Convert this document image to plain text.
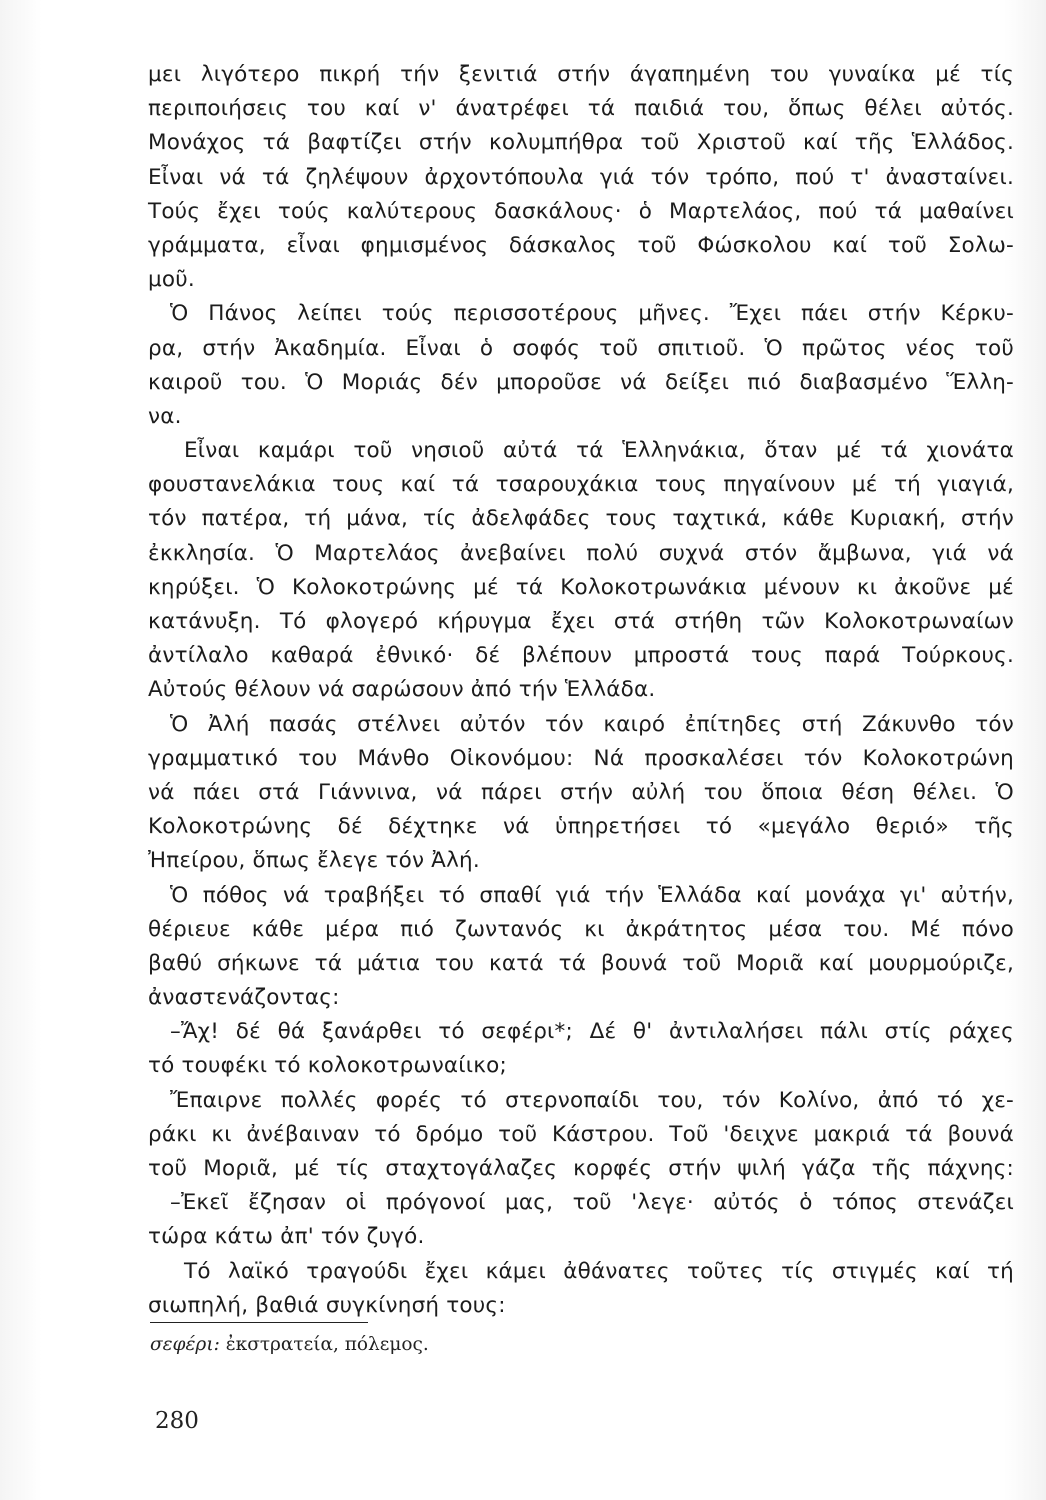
μει λιγότερο πικρή τήν ξενιτιά στήν άγαπημένη του γυναίκα μέ τίς
περιποιήσεις του καί ν' άνατρέφει τά παιδιά του, ὅπως θέλει αὐτός.
Μονάχος τά βαφτίζει στήν κολυμπήθρα τοῦ Χριστοῦ καί τῆς Ἑλλάδος.
Εἶναι νά τά ζηλέψουν ἀρχοντόπουλα γιά τόν τρόπο, πού τ' ἀνασταίνει.
Τούς ἔχει τούς καλύτερους δασκάλους· ὁ Μαρτελάος, πού τά μαθαίνει
γράμματα, εἶναι φημισμένος δάσκαλος τοῦ Φώσκολου καί τοῦ Σολω-
μοῦ.
Ὁ Πάνος λείπει τούς περισσοτέρους μῆνες. Ἔχει πάει στήν Κέρκυ-
ρα, στήν Ἀκαδημία. Εἶναι ὁ σοφός τοῦ σπιτιοῦ. Ὁ πρῶτος νέος τοῦ
καιροῦ του. Ὁ Μοριάς δέν μποροῦσε νά δείξει πιό διαβασμένο Ἕλλη-
να.
Εἶναι καμάρι τοῦ νησιοῦ αὐτά τά Ἑλληνάκια, ὅταν μέ τά χιονάτα
φουστανελάκια τους καί τά τσαρουχάκια τους πηγαίνουν μέ τή γιαγιά,
τόν πατέρα, τή μάνα, τίς ἀδελφάδες τους ταχτικά, κάθε Κυριακή, στήν
ἐκκλησία. Ὁ Μαρτελάος ἀνεβαίνει πολύ συχνά στόν ἄμβωνα, γιά νά
κηρύξει. Ὁ Κολοκοτρώνης μέ τά Κολοκοτρωνάκια μένουν κι ἀκοῦνε μέ
κατάνυξη. Τό φλογερό κήρυγμα ἔχει στά στήθη τῶν Κολοκοτρωναίων
ἀντίλαλο καθαρά ἐθνικό· δέ βλέπουν μπροστά τους παρά Τούρκους.
Αὐτούς θέλουν νά σαρώσουν ἀπό τήν Ἑλλάδα.
Ὁ Ἀλή πασάς στέλνει αὐτόν τόν καιρό ἐπίτηδες στή Ζάκυνθο τόν
γραμματικό του Μάνθο Οἰκονόμου: Νά προσκαλέσει τόν Κολοκοτρώνη
νά πάει στά Γιάννινα, νά πάρει στήν αὐλή του ὅποια θέση θέλει. Ὁ
Κολοκοτρώνης δέ δέχτηκε νά ὑπηρετήσει τό «μεγάλο θεριό» τῆς
Ἠπείρου, ὅπως ἔλεγε τόν Ἀλή.
Ὁ πόθος νά τραβήξει τό σπαθί γιά τήν Ἑλλάδα καί μονάχα γι' αὐτήν,
θέριευε κάθε μέρα πιό ζωντανός κι ἀκράτητος μέσα του. Μέ πόνο
βαθύ σήκωνε τά μάτια του κατά τά βουνά τοῦ Μοριᾶ καί μουρμούριζε,
ἀναστενάζοντας:
–Ἄχ! δέ θά ξανάρθει τό σεφέρι*; Δέ θ' ἀντιλαλήσει πάλι στίς ράχες
τό τουφέκι τό κολοκοτρωναίικο;
Ἔπαιρνε πολλές φορές τό στερνοπαίδι του, τόν Κολίνο, ἀπό τό χε-
ράκι κι ἀνέβαιναν τό δρόμο τοῦ Κάστρου. Τοῦ 'δειχνε μακριά τά βουνά
τοῦ Μοριᾶ, μέ τίς σταχτογάλαζες κορφές στήν ψιλή γάζα τῆς πάχνης:
–Ἐκεῖ ἔζησαν οἱ πρόγονοί μας, τοῦ 'λεγε· αὐτός ὁ τόπος στενάζει
τώρα κάτω ἀπ' τόν ζυγό.
Τό λαϊκό τραγούδι ἔχει κάμει ἀθάνατες τοῦτες τίς στιγμές καί τή
σιωπηλή, βαθιά συγκίνησή τους:
σεφέρι: ἐκστρατεία, πόλεμος.
280
